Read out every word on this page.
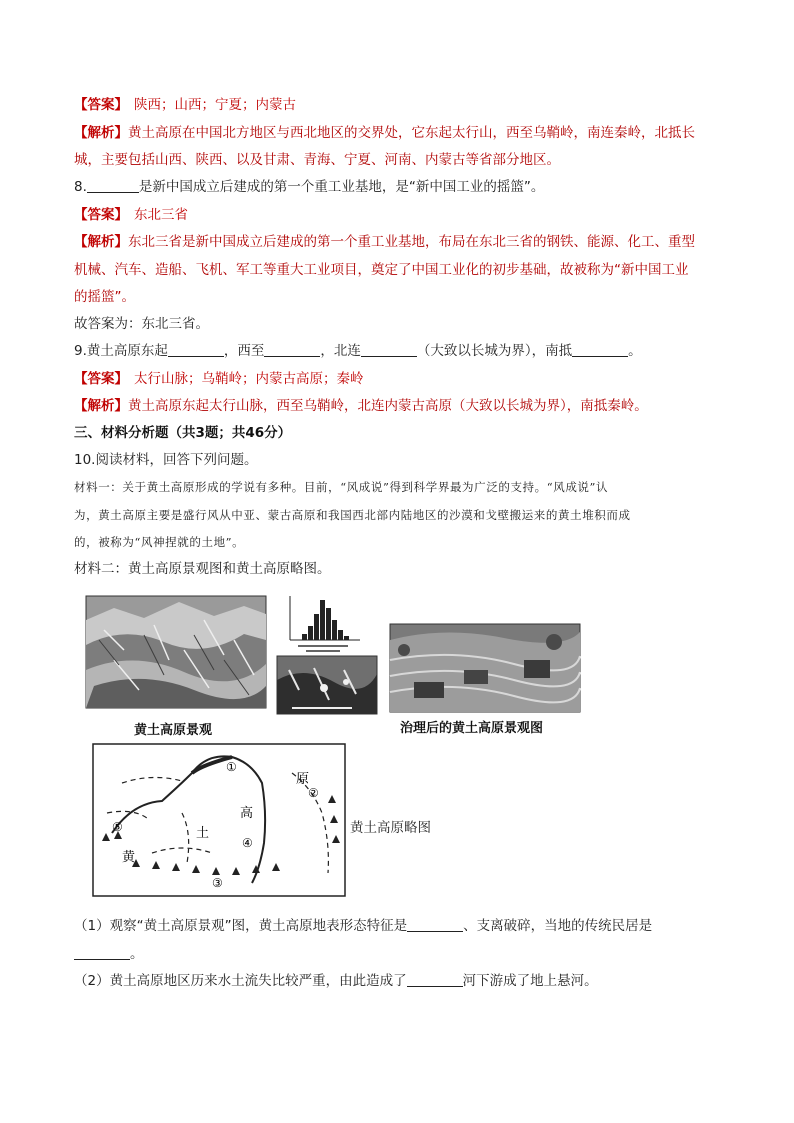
【答案】 陕西；山西；宁夏；内蒙古
【解析】黄土高原在中国北方地区与西北地区的交界处，它东起太行山，西至乌鞘岭，南连秦岭，北抵长
城，主要包括山西、陕西、以及甘肃、青海、宁夏、河南、内蒙古等省部分地区。
8.	是新中国成立后建成的第一个重工业基地，是“新中国工业的摇篮”。
【答案】 东北三省
【解析】东北三省是新中国成立后建成的第一个重工业基地，布局在东北三省的钢铁、能源、化工、重型
机械、汽车、造船、飞机、军工等重大工业项目，奠定了中国工业化的初步基础，故被称为“新中国工业
的摇篮”。
故答案为：东北三省。
9.黄土高原东起	，西至	，北连	（大致以长城为界），南抵	。
【答案】 太行山脉；乌鞘岭；内蒙古高原；秦岭
【解析】黄土高原东起太行山脉，西至乌鞘岭，北连内蒙古高原（大致以长城为界），南抵秦岭。
三、材料分析题（共3题；共46分）
10.阅读材料，回答下列问题。
材料一：关于黄土高原形成的学说有多种。目前，“风成说”得到科学界最为广泛的支持。“风成说”认
为，黄土高原主要是盛行风从中亚、蒙古高原和我国西北部内陆地区的沙漠和戈壁搬运来的黄土堆积而成
的，被称为“风神捏就的土地”。
材料二：黄土高原景观图和黄土高原略图。
黄土高原景观	治理后的黄土高原景观图
①
②
③
④
⑤
高
原
土
黄
黄土高原略图
（1）观察“黄土高原景观”图，黄土高原地表形态特征是	、支离破碎，当地的传统民居是
。
（2）黄土高原地区历来水土流失比较严重，由此造成了	河下游成了地上悬河。
